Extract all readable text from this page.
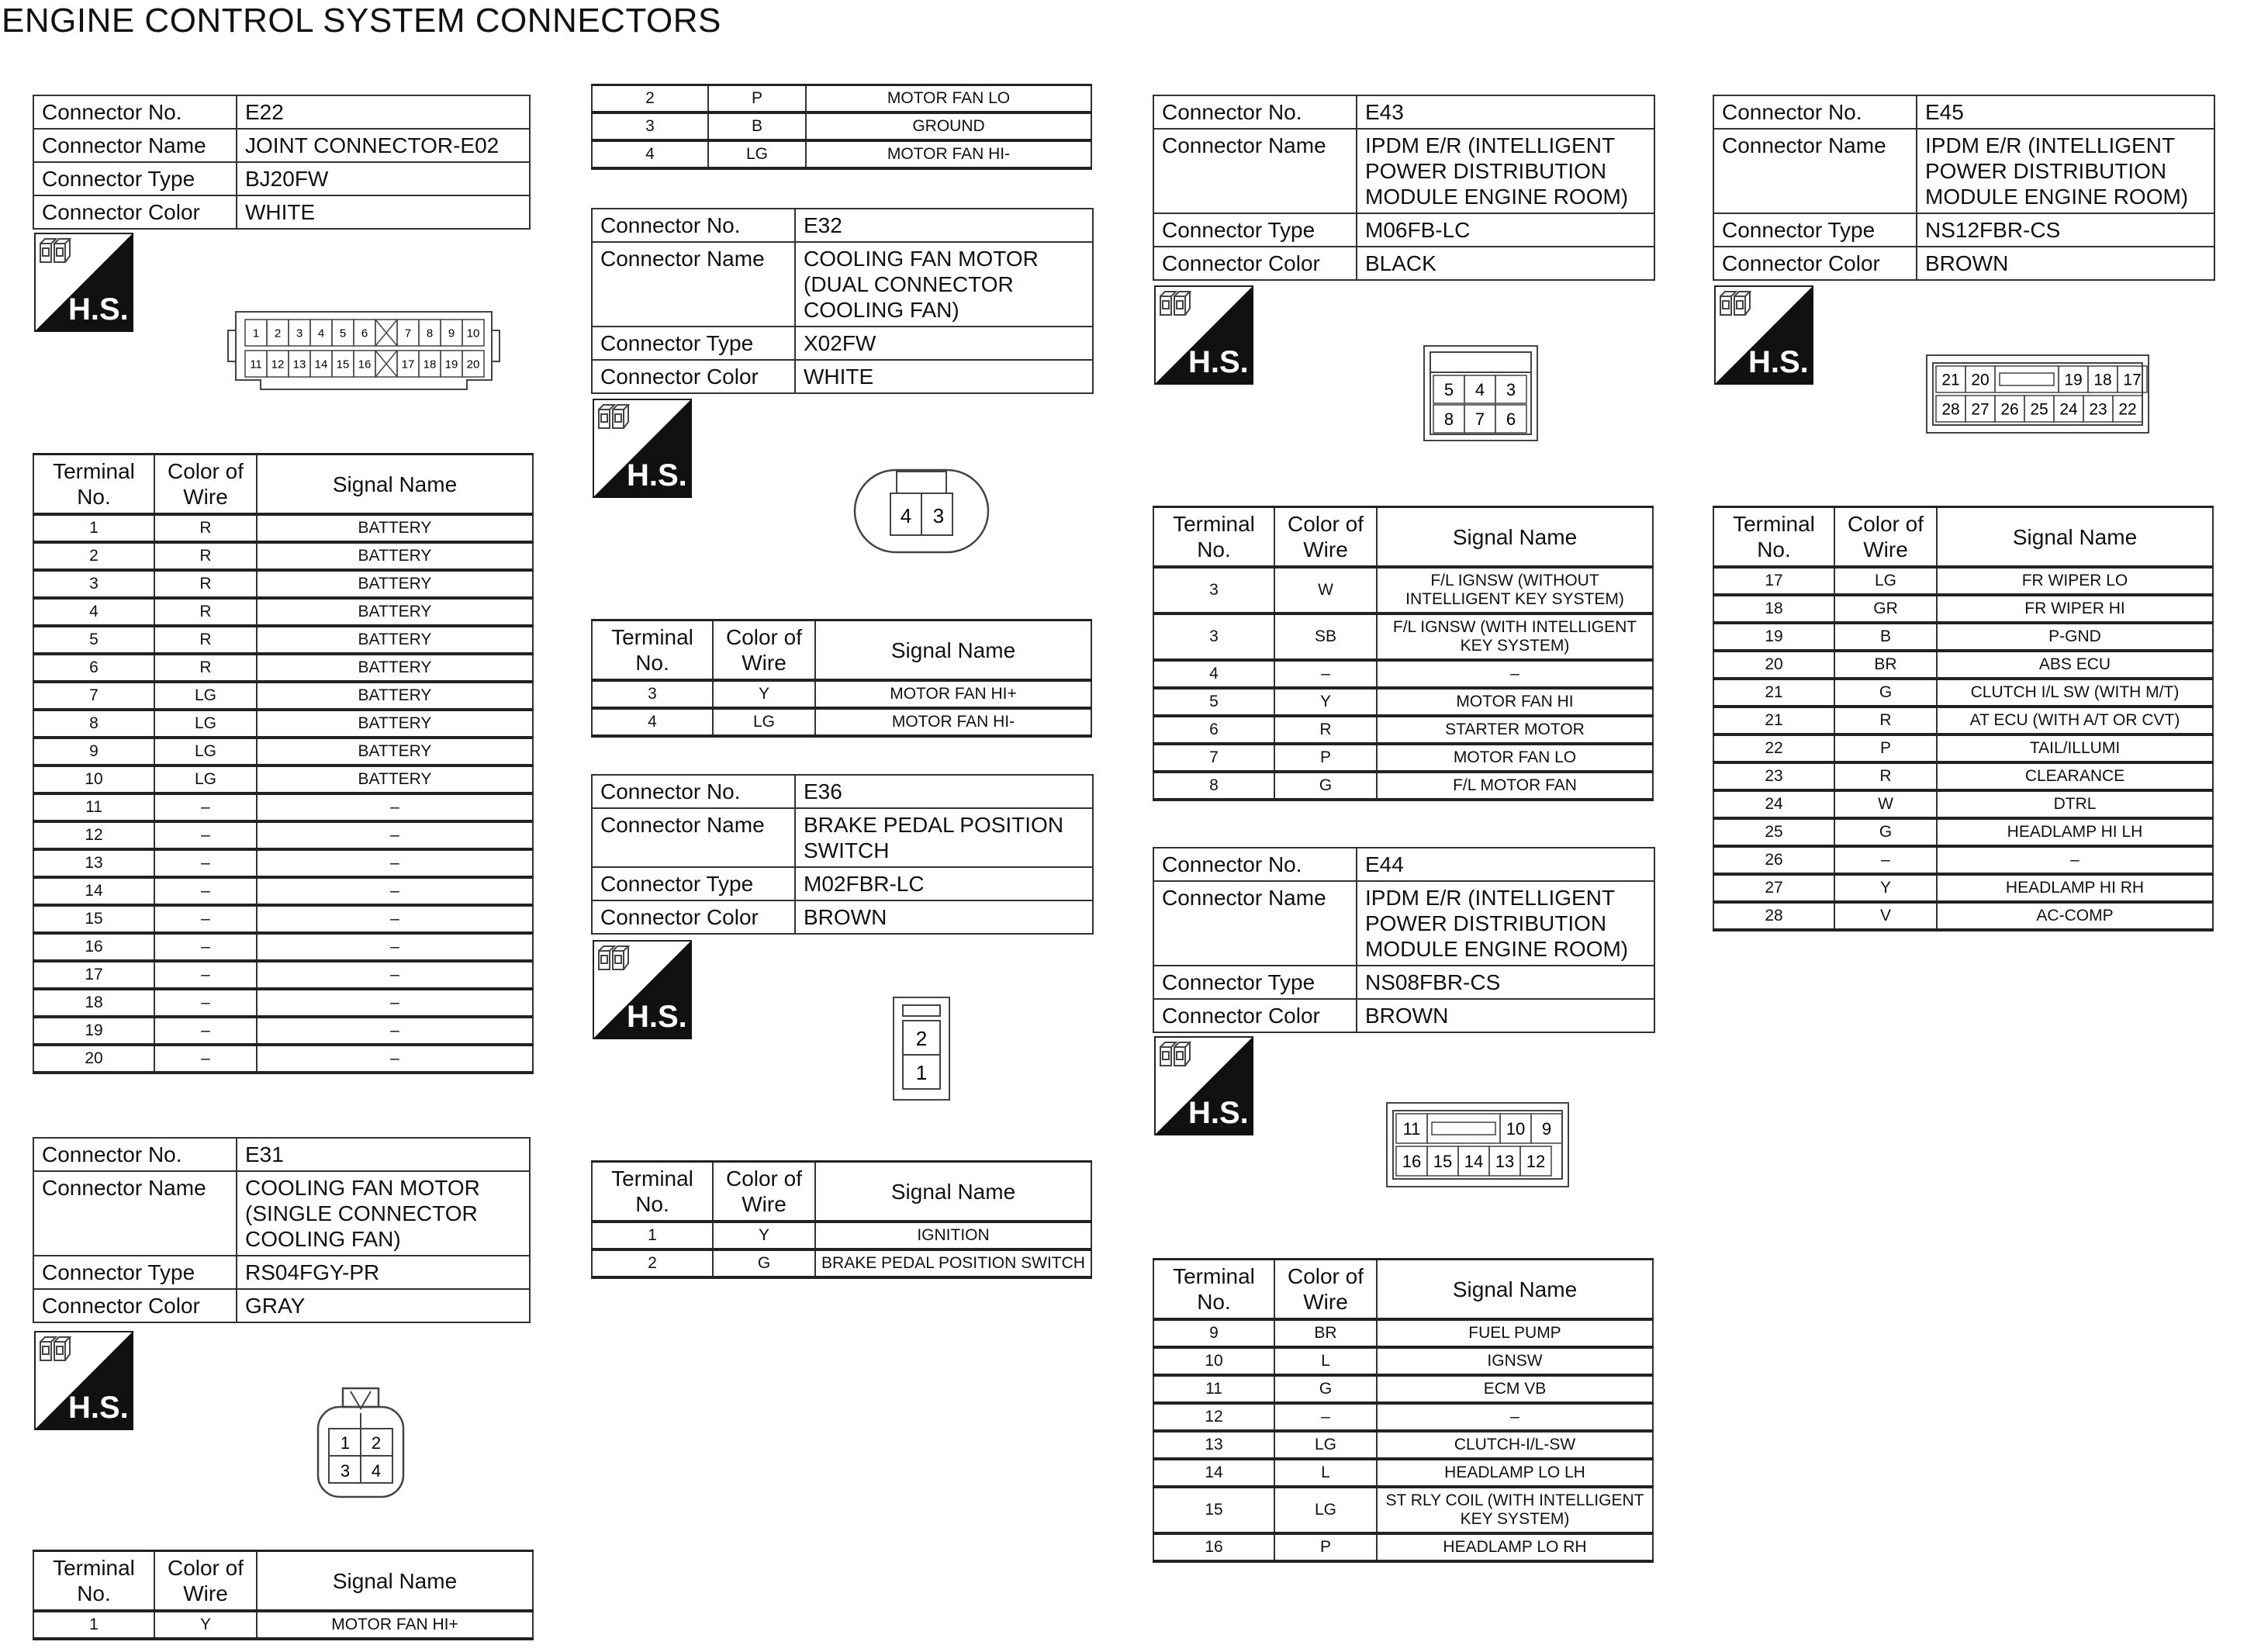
ENGINE CONTROL SYSTEM CONNECTORS
Connector No.	E22
Connector Name	JOINT CONNECTOR-E02
Connector Type	BJ20FW
Connector Color	WHITE
Connector No.	E31
Connector Name	COOLING FAN MOTOR (SINGLE CONNECTOR COOLING FAN)
Connector Type	RS04FGY-PR
Connector Color	GRAY
Connector No.	E32
Connector Name	COOLING FAN MOTOR (DUAL CONNECTOR COOLING FAN)
Connector Type	X02FW
Connector Color	WHITE
Connector No.	E36
Connector Name	BRAKE PEDAL POSITION SWITCH
Connector Type	M02FBR-LC
Connector Color	BROWN
Connector No.	E43
Connector Name	IPDM E/R (INTELLIGENT POWER DISTRIBUTION MODULE ENGINE ROOM)
Connector Type	M06FB-LC
Connector Color	BLACK
Connector No.	E44
Connector Name	IPDM E/R (INTELLIGENT POWER DISTRIBUTION MODULE ENGINE ROOM)
Connector Type	NS08FBR-CS
Connector Color	BROWN
Connector No.	E45
Connector Name	IPDM E/R (INTELLIGENT POWER DISTRIBUTION MODULE ENGINE ROOM)
Connector Type	NS12FBR-CS
Connector Color	BROWN
H.S.
H.S.
H.S.
H.S.
H.S.
H.S.
H.S.
Terminal No.	Color of Wire	Signal Name
1	R	BATTERY
2	R	BATTERY
3	R	BATTERY
4	R	BATTERY
5	R	BATTERY
6	R	BATTERY
7	LG	BATTERY
8	LG	BATTERY
9	LG	BATTERY
10	LG	BATTERY
11	–	–
12	–	–
13	–	–
14	–	–
15	–	–
16	–	–
17	–	–
18	–	–
19	–	–
20	–	–
Terminal No.	Color of Wire	Signal Name
1	Y	MOTOR FAN HI+
2	P	MOTOR FAN LO
3	B	GROUND
4	LG	MOTOR FAN HI-
Terminal No.	Color of Wire	Signal Name
3	Y	MOTOR FAN HI+
4	LG	MOTOR FAN HI-
Terminal No.	Color of Wire	Signal Name
1	Y	IGNITION
2	G	BRAKE PEDAL POSITION SWITCH
Terminal No.	Color of Wire	Signal Name
3	W	F/L IGNSW (WITHOUT INTELLIGENT KEY SYSTEM)
3	SB	F/L IGNSW (WITH INTELLIGENT KEY SYSTEM)
4	–	–
5	Y	MOTOR FAN HI
6	R	STARTER MOTOR
7	P	MOTOR FAN LO
8	G	F/L MOTOR FAN
Terminal No.	Color of Wire	Signal Name
9	BR	FUEL PUMP
10	L	IGNSW
11	G	ECM VB
12	–	–
13	LG	CLUTCH-I/L-SW
14	L	HEADLAMP LO LH
15	LG	ST RLY COIL (WITH INTELLIGENT KEY SYSTEM)
16	P	HEADLAMP LO RH
Terminal No.	Color of Wire	Signal Name
17	LG	FR WIPER LO
18	GR	FR WIPER HI
19	B	P-GND
20	BR	ABS ECU
21	G	CLUTCH I/L SW (WITH M/T)
21	R	AT ECU (WITH A/T OR CVT)
22	P	TAIL/ILLUMI
23	R	CLEARANCE
24	W	DTRL
25	G	HEADLAMP HI LH
26	–	–
27	Y	HEADLAMP HI RH
28	V	AC-COMP
1 2 3 4 5 6	7 8 9 10
11 12 13 14 15 16	17 18 19 20
1 2
3 4
4 3
2
1
5 4 3
8 7 6
11	10 9
16 15 14 13 12
21 20	19 18 17
28 27 26 25 24 23 22
